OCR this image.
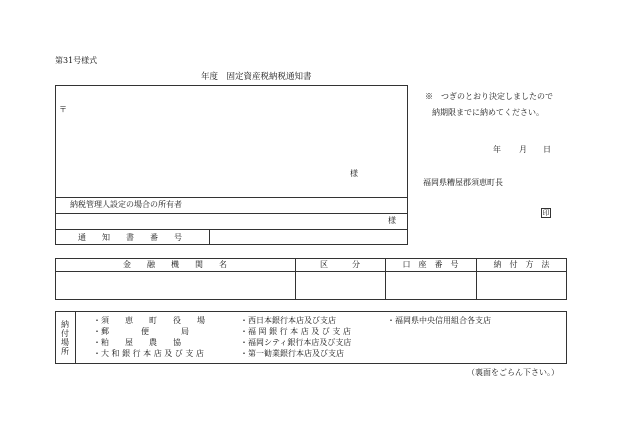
第31号様式
年度　固定資産税納税通知書
〒
様
納税管理人設定の場合の所有者
様
通　　知　　書　　番　　号
※　つぎのとおり決定しましたので
納期限までに納めてください。
年 月 日
福岡県糟屋郡須恵町長
印
金　　融　　機　　関　　名	区　　　分	口　座　番　号	納　付　方　法
納
付
場
所
・須　　恵　　町　　役　　場
・郵　　　　便　　　　局
・粕　　屋　　農　　協
・大 和 銀 行 本 店 及 び 支 店
・西日本銀行本店及び支店
・福 岡 銀 行 本 店 及 び 支 店
・福岡シティ銀行本店及び支店
・第一勧業銀行本店及び支店
・福岡県中央信用組合各支店
（裏面をごらん下さい。）
